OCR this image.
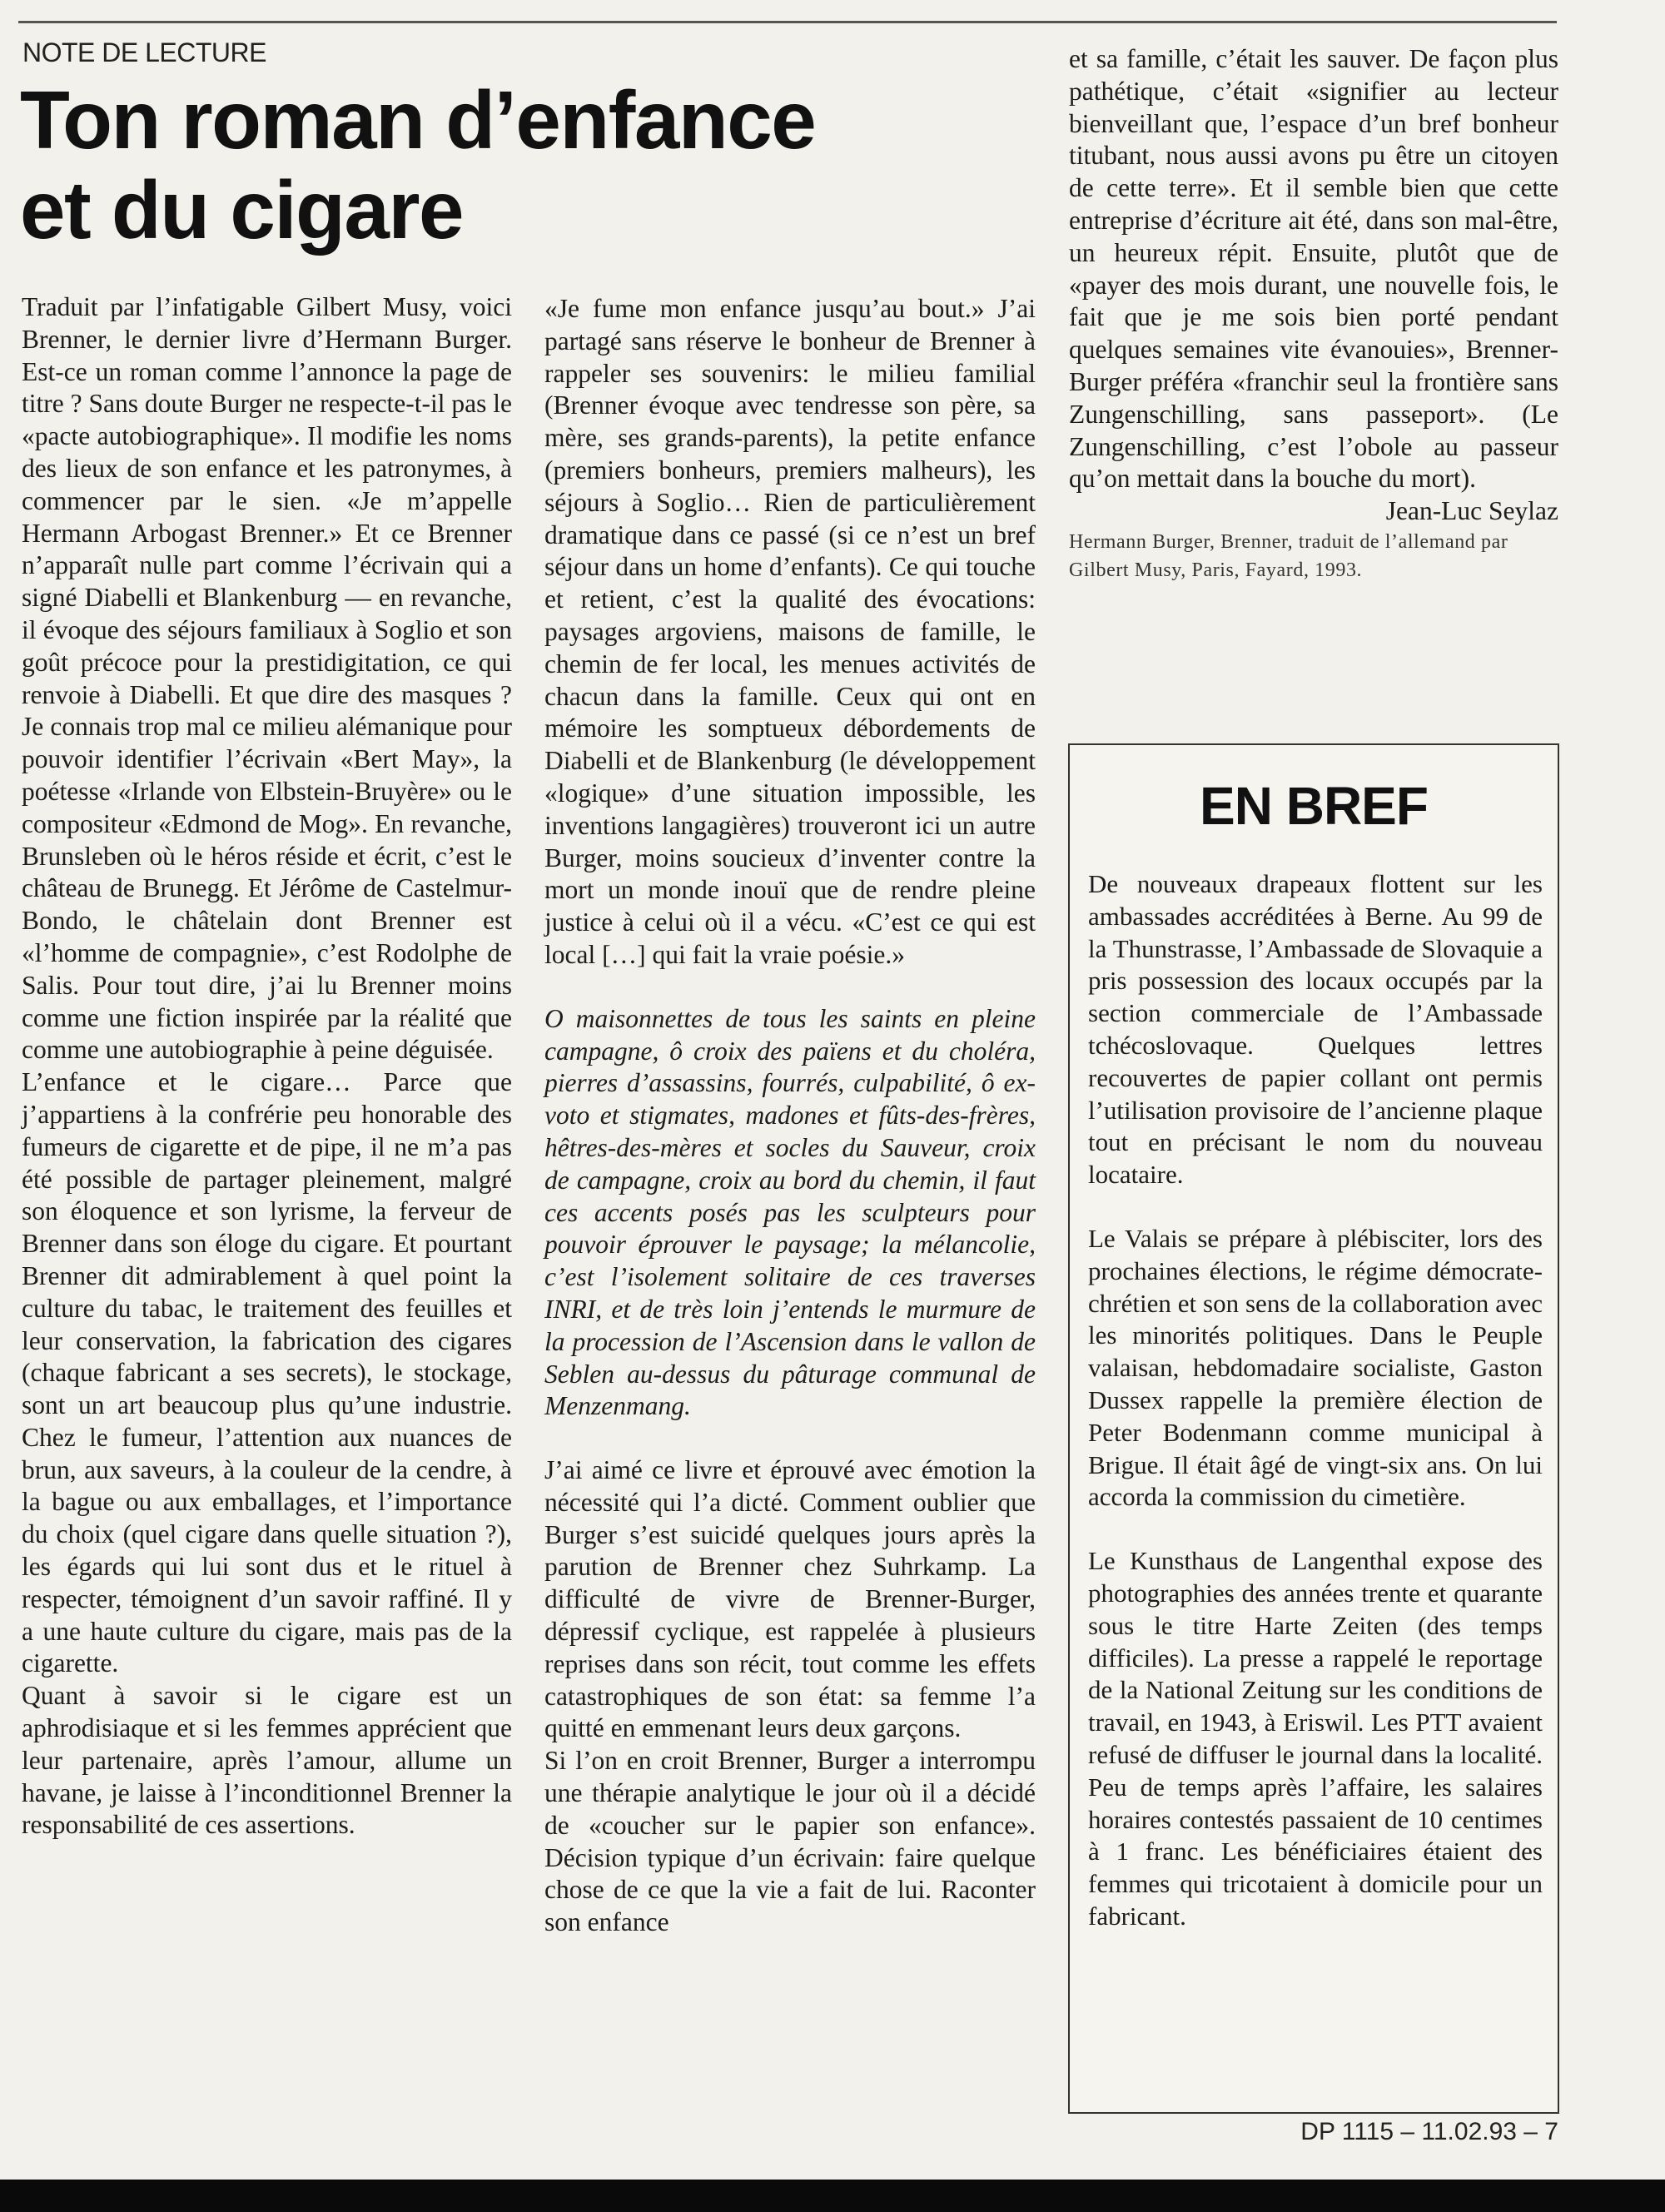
NOTE DE LECTURE
Ton roman d’enfance
et du cigare

Traduit par l’infatigable Gilbert Musy, voici Brenner, le dernier livre d’Hermann Burger. Est-ce un roman comme l’annonce la page de titre ? Sans doute Burger ne respecte-t-il pas le «pacte autobiographique». Il modifie les noms des lieux de son enfance et les patronymes, à commencer par le sien. «Je m’appelle Hermann Arbogast Brenner.» Et ce Brenner n’apparaît nulle part comme l’écrivain qui a signé Diabelli et Blankenburg — en revanche, il évoque des séjours familiaux à Soglio et son goût précoce pour la prestidigitation, ce qui renvoie à Diabelli. Et que dire des masques ? Je connais trop mal ce milieu alémanique pour pouvoir identifier l’écrivain «Bert May», la poétesse «Irlande von Elbstein-Bruyère» ou le compositeur «Edmond de Mog». En revanche, Brunsleben où le héros réside et écrit, c’est le château de Brunegg. Et Jérôme de Castelmur-Bondo, le châtelain dont Brenner est «l’homme de compagnie», c’est Rodolphe de Salis. Pour tout dire, j’ai lu Brenner moins comme une fiction inspirée par la réalité que comme une autobiographie à peine déguisée.

L’enfance et le cigare… Parce que j’appartiens à la confrérie peu honorable des fumeurs de cigarette et de pipe, il ne m’a pas été possible de partager pleinement, malgré son éloquence et son lyrisme, la ferveur de Brenner dans son éloge du cigare. Et pourtant Brenner dit admirablement à quel point la culture du tabac, le traitement des feuilles et leur conservation, la fabrication des cigares (chaque fabricant a ses secrets), le stockage, sont un art beaucoup plus qu’une industrie. Chez le fumeur, l’attention aux nuances de brun, aux saveurs, à la couleur de la cendre, à la bague ou aux emballages, et l’importance du choix (quel cigare dans quelle situation ?), les égards qui lui sont dus et le rituel à respecter, témoignent d’un savoir raffiné. Il y a une haute culture du cigare, mais pas de la cigarette.

Quant à savoir si le cigare est un aphrodisiaque et si les femmes apprécient que leur partenaire, après l’amour, allume un havane, je laisse à l’inconditionnel Brenner la responsabilité de ces assertions.

«Je fume mon enfance jusqu’au bout.» J’ai partagé sans réserve le bonheur de Brenner à rappeler ses souvenirs: le milieu familial (Brenner évoque avec tendresse son père, sa mère, ses grands-parents), la petite enfance (premiers bonheurs, premiers malheurs), les séjours à Soglio… Rien de particulièrement dramatique dans ce passé (si ce n’est un bref séjour dans un home d’enfants). Ce qui touche et retient, c’est la qualité des évocations: paysages argoviens, maisons de famille, le chemin de fer local, les menues activités de chacun dans la famille. Ceux qui ont en mémoire les somptueux débordements de Diabelli et de Blankenburg (le développement «logique» d’une situation impossible, les inventions langagières) trouveront ici un autre Burger, moins soucieux d’inventer contre la mort un monde inouï que de rendre pleine justice à celui où il a vécu. «C’est ce qui est local […] qui fait la vraie poésie.»

O maisonnettes de tous les saints en pleine campagne, ô croix des païens et du choléra, pierres d’assassins, fourrés, culpabilité, ô ex-voto et stigmates, madones et fûts-des-frères, hêtres-des-mères et socles du Sauveur, croix de campagne, croix au bord du chemin, il faut ces accents posés pas les sculpteurs pour pouvoir éprouver le paysage; la mélancolie, c’est l’isolement solitaire de ces traverses INRI, et de très loin j’entends le murmure de la procession de l’Ascension dans le vallon de Seblen au-dessus du pâturage communal de Menzenmang.

J’ai aimé ce livre et éprouvé avec émotion la nécessité qui l’a dicté. Comment oublier que Burger s’est suicidé quelques jours après la parution de Brenner chez Suhrkamp. La difficulté de vivre de Brenner-Burger, dépressif cyclique, est rappelée à plusieurs reprises dans son récit, tout comme les effets catastrophiques de son état: sa femme l’a quitté en emmenant leurs deux garçons.

Si l’on en croit Brenner, Burger a interrompu une thérapie analytique le jour où il a décidé de «coucher sur le papier son enfance». Décision typique d’un écrivain: faire quelque chose de ce que la vie a fait de lui. Raconter son enfance

et sa famille, c’était les sauver. De façon plus pathétique, c’était «signifier au lecteur bienveillant que, l’espace d’un bref bonheur titubant, nous aussi avons pu être un citoyen de cette terre». Et il semble bien que cette entreprise d’écriture ait été, dans son mal-être, un heureux répit. Ensuite, plutôt que de «payer des mois durant, une nouvelle fois, le fait que je me sois bien porté pendant quelques semaines vite évanouies», Brenner-Burger préféra «franchir seul la frontière sans Zungenschilling, sans passeport». (Le Zungenschilling, c’est l’obole au passeur qu’on mettait dans la bouche du mort).

Jean-Luc Seylaz

Hermann Burger, Brenner, traduit de l’allemand par Gilbert Musy, Paris, Fayard, 1993.

EN BREF

De nouveaux drapeaux flottent sur les ambassades accréditées à Berne. Au 99 de la Thunstrasse, l’Ambassade de Slovaquie a pris possession des locaux occupés par la section commerciale de l’Ambassade tchécoslovaque. Quelques lettres recouvertes de papier collant ont permis l’utilisation provisoire de l’ancienne plaque tout en précisant le nom du nouveau locataire.

Le Valais se prépare à plébisciter, lors des prochaines élections, le régime démocrate-chrétien et son sens de la collaboration avec les minorités politiques. Dans le Peuple valaisan, hebdomadaire socialiste, Gaston Dussex rappelle la première élection de Peter Bodenmann comme municipal à Brigue. Il était âgé de vingt-six ans. On lui accorda la commission du cimetière.

Le Kunsthaus de Langenthal expose des photographies des années trente et quarante sous le titre Harte Zeiten (des temps difficiles). La presse a rappelé le reportage de la National Zeitung sur les conditions de travail, en 1943, à Eriswil. Les PTT avaient refusé de diffuser le journal dans la localité. Peu de temps après l’affaire, les salaires horaires contestés passaient de 10 centimes à 1 franc. Les bénéficiaires étaient des femmes qui tricotaient à domicile pour un fabricant.

DP 1115 – 11.02.93 – 7
